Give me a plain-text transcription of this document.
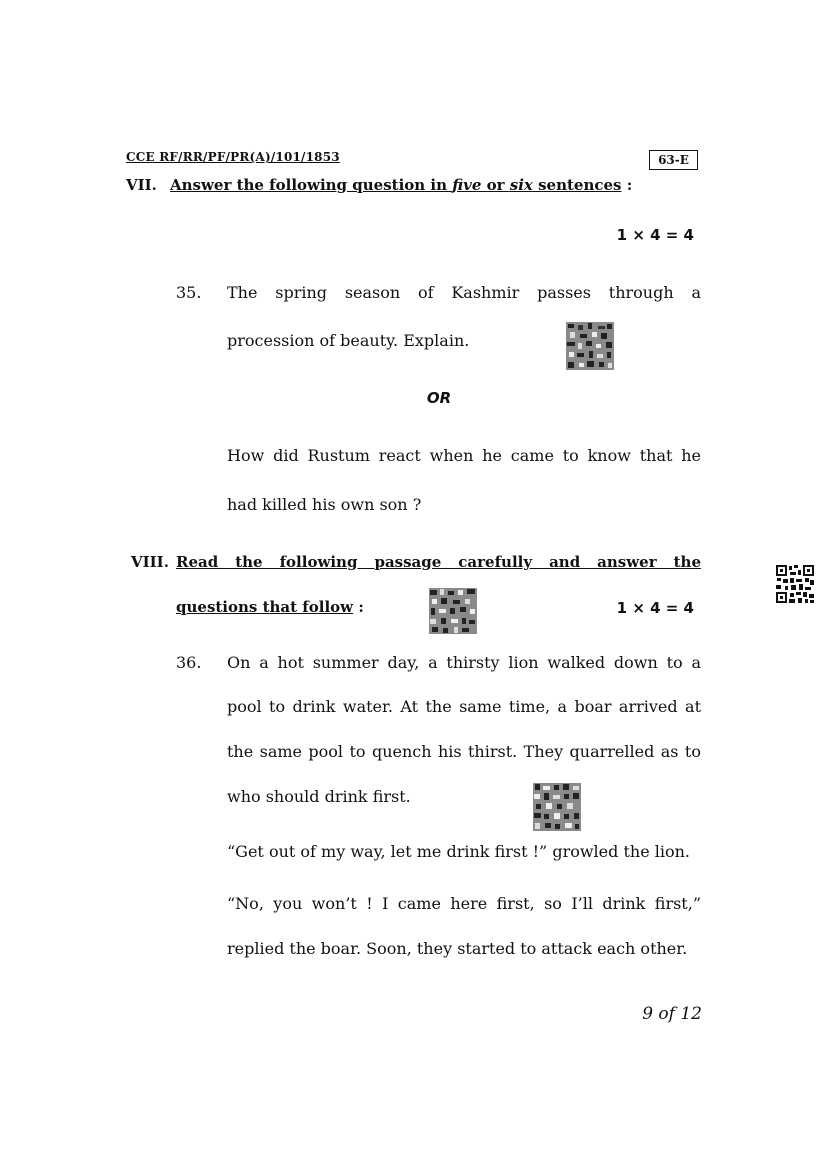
CCE RF/RR/PF/PR(A)/101/1853	63-E
VII. Answer the following question in five or six sentences :
1 × 4 = 4
35. The spring season of Kashmir passes through a
procession of beauty. Explain.
OR
How did Rustum react when he came to know that he
had killed his own son ?
VIII. Read the following passage carefully and answer the
questions that follow :	1 × 4 = 4
36. On a hot summer day, a thirsty lion walked down to a
pool to drink water. At the same time, a boar arrived at
the same pool to quench his thirst. They quarrelled as to
who should drink first.
“Get out of my way, let me drink first !” growled the lion.
“No, you won’t ! I came here first, so I’ll drink first,”
replied the boar. Soon, they started to attack each other.
9 of 12
